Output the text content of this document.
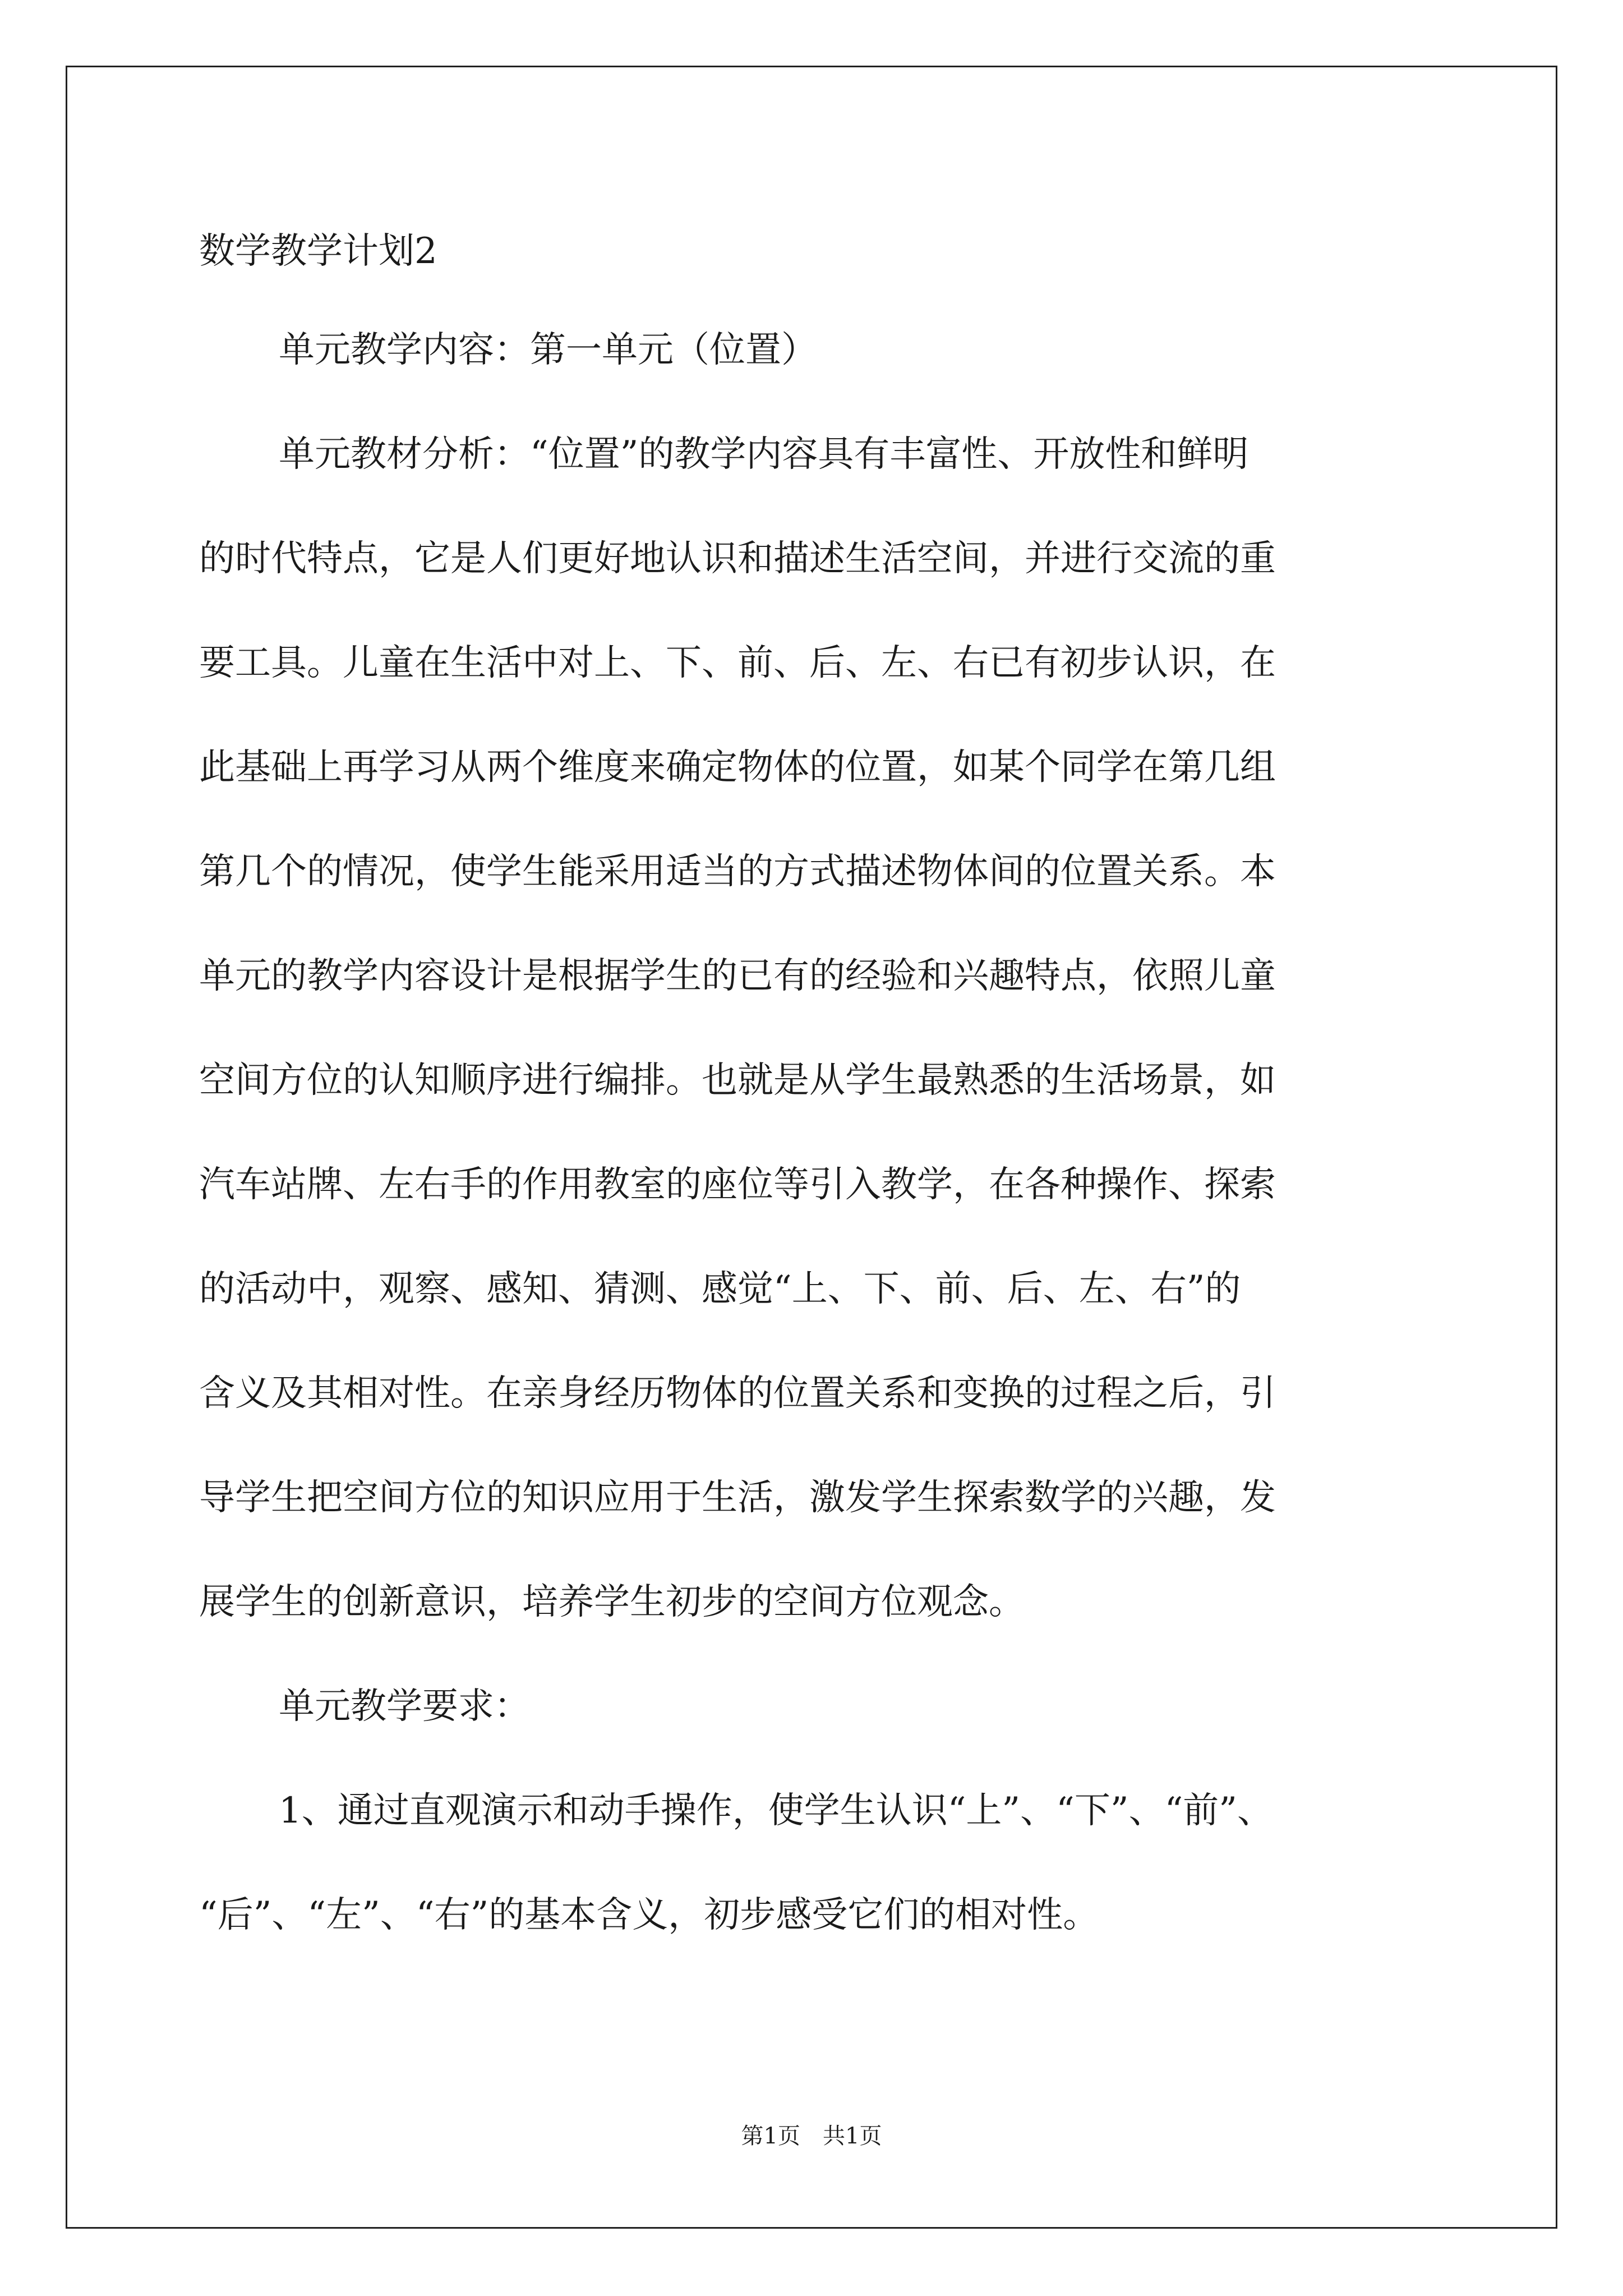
数学教学计划2

单元教学内容：第一单元（位置）

单元教材分析：“位置”的教学内容具有丰富性、开放性和鲜明

的时代特点，它是人们更好地认识和描述生活空间，并进行交流的重

要工具。儿童在生活中对上、下、前、后、左、右已有初步认识，在

此基础上再学习从两个维度来确定物体的位置，如某个同学在第几组

第几个的情况，使学生能采用适当的方式描述物体间的位置关系。本

单元的教学内容设计是根据学生的已有的经验和兴趣特点，依照儿童

空间方位的认知顺序进行编排。也就是从学生最熟悉的生活场景，如

汽车站牌、左右手的作用教室的座位等引入教学，在各种操作、探索

的活动中，观察、感知、猜测、感觉“上、下、前、后、左、右”的

含义及其相对性。在亲身经历物体的位置关系和变换的过程之后，引

导学生把空间方位的知识应用于生活，激发学生探索数学的兴趣，发

展学生的创新意识，培养学生初步的空间方位观念。

单元教学要求：

1、通过直观演示和动手操作，使学生认识“上”、“下”、“前”、

“后”、“左”、“右”的基本含义，初步感受它们的相对性。

第1页　共1页
